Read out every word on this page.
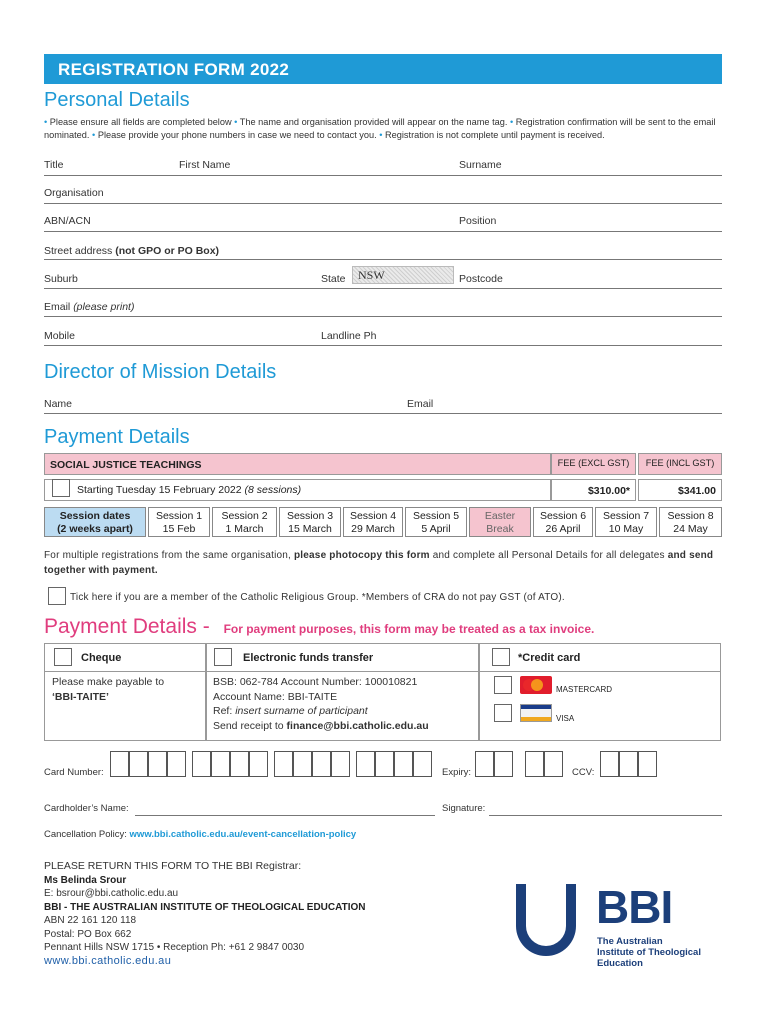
REGISTRATION FORM 2022
Personal Details
• Please ensure all fields are completed below • The name and organisation provided will appear on the name tag. • Registration confirmation will be sent to the email nominated. • Please provide your phone numbers in case we need to contact you. • Registration is not complete until payment is received.
Title	First Name	Surname
Organisation
ABN/ACN	Position
Street address (not GPO or PO Box)
Suburb	State NSW	Postcode
Email (please print)
Mobile	Landline Ph
Director of Mission Details
Name	Email
Payment Details
SOCIAL JUSTICE TEACHINGS	FEE (EXCL GST)	FEE (INCL GST)
Starting Tuesday 15 February 2022 (8 sessions)	$310.00*	$341.00
Session dates
(2 weeks apart)
Session 1
15 Feb
Session 2
1 March
Session 3
15 March
Session 4
29 March
Session 5
5 April
Easter
Break
Session 6
26 April
Session 7
10 May
Session 8
24 May
For multiple registrations from the same organisation, please photocopy this form and complete all Personal Details for all delegates and send together with payment.
Tick here if you are a member of the Catholic Religious Group. *Members of CRA do not pay GST (of ATO).
Payment Details - For payment purposes, this form may be treated as a tax invoice.
Cheque
Please make payable to
‘BBI-TAITE’
Electronic funds transfer
BSB: 062-784 Account Number: 100010821
Account Name: BBI-TAITE
Ref: insert surname of participant
Send receipt to finance@bbi.catholic.edu.au
*Credit card
MASTERCARD
VISA
Card Number:	Expiry:	CCV:
Cardholder’s Name:	Signature:
Cancellation Policy: www.bbi.catholic.edu.au/event-cancellation-policy
PLEASE RETURN THIS FORM TO THE BBI Registrar:
Ms Belinda Srour
E: bsrour@bbi.catholic.edu.au
BBI - THE AUSTRALIAN INSTITUTE OF THEOLOGICAL EDUCATION
ABN 22 161 120 118
Postal: PO Box 662
Pennant Hills NSW 1715 • Reception Ph: +61 2 9847 0030
www.bbi.catholic.edu.au
BBI
The Australian
Institute of Theological
Education
